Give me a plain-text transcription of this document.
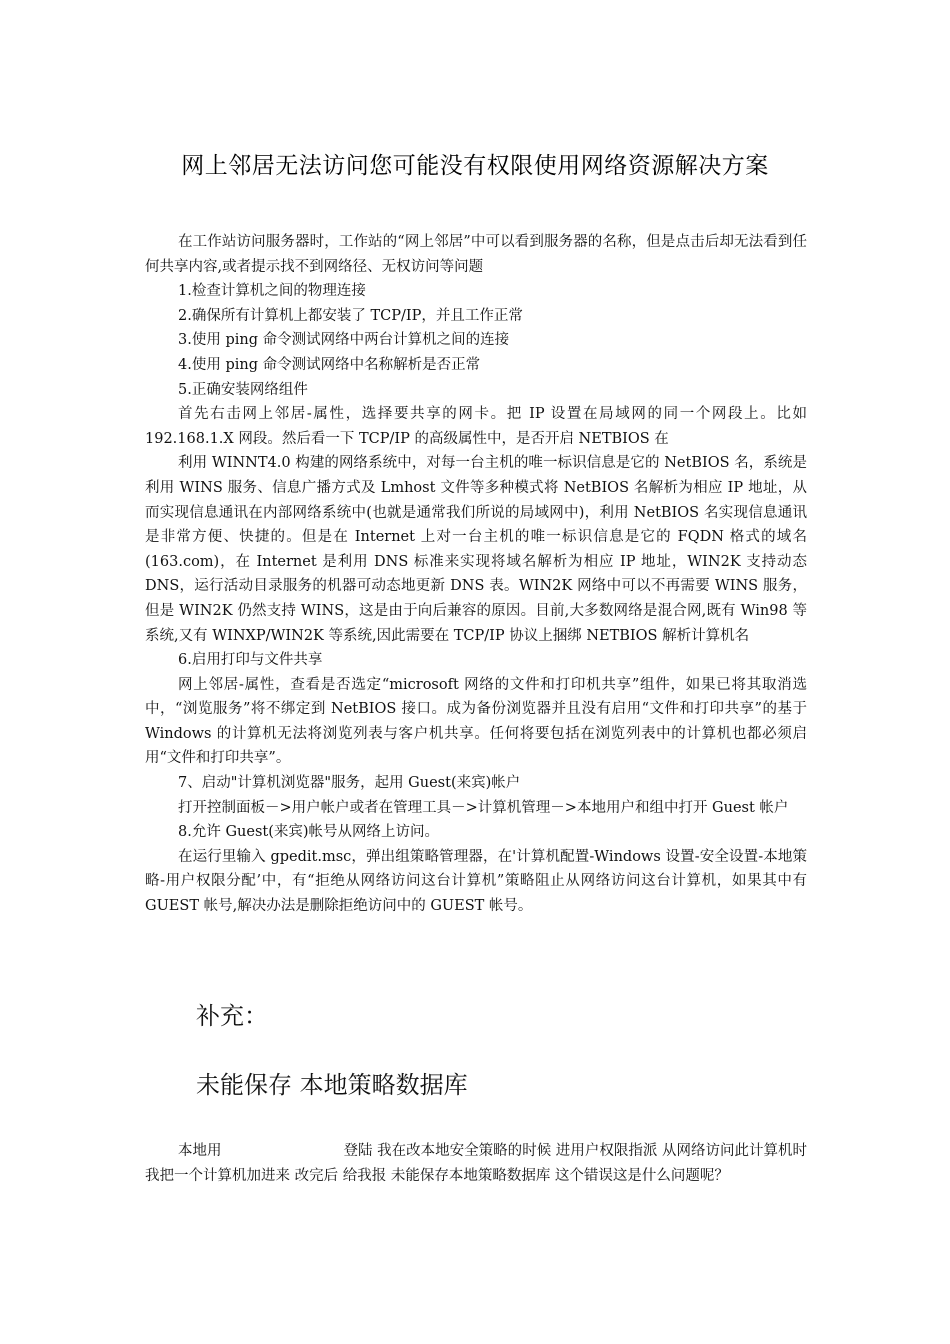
网上邻居无法访问您可能没有权限使用网络资源解决方案

在工作站访问服务器时，工作站的“网上邻居”中可以看到服务器的名称，但是点击后却无法看到任何共享内容,或者提示找不到网络径、无权访问等问题

1.检查计算机之间的物理连接

2.确保所有计算机上都安装了 TCP/IP，并且工作正常

3.使用 ping 命令测试网络中两台计算机之间的连接

4.使用 ping 命令测试网络中名称解析是否正常

5.正确安装网络组件

首先右击网上邻居-属性，选择要共享的网卡。把 IP 设置在局域网的同一个网段上。比如 192.168.1.X 网段。然后看一下 TCP/IP 的高级属性中，是否开启 NETBIOS 在

利用 WINNT4.0 构建的网络系统中，对每一台主机的唯一标识信息是它的 NetBIOS 名，系统是利用 WINS 服务、信息广播方式及 Lmhost 文件等多种模式将 NetBIOS 名解析为相应 IP 地址，从而实现信息通讯在内部网络系统中(也就是通常我们所说的局域网中)，利用 NetBIOS 名实现信息通讯是非常方便、快捷的。但是在 Internet 上对一台主机的唯一标识信息是它的 FQDN 格式的域名(163.com)，在 Internet 是利用 DNS 标准来实现将域名解析为相应 IP 地址，WIN2K 支持动态 DNS，运行活动目录服务的机器可动态地更新 DNS 表。WIN2K 网络中可以不再需要 WINS 服务，但是 WIN2K 仍然支持 WINS，这是由于向后兼容的原因。目前,大多数网络是混合网,既有 Win98 等系统,又有 WINXP/WIN2K 等系统,因此需要在 TCP/IP 协议上捆绑 NETBIOS 解析计算机名

6.启用打印与文件共享

网上邻居-属性，查看是否选定“microsoft 网络的文件和打印机共享”组件，如果已将其取消选中，“浏览服务”将不绑定到 NetBIOS 接口。成为备份浏览器并且没有启用“文件和打印共享”的基于 Windows 的计算机无法将浏览列表与客户机共享。任何将要包括在浏览列表中的计算机也都必须启用“文件和打印共享”。

7、启动"计算机浏览器"服务，起用 Guest(来宾)帐户

打开控制面板－>用户帐户或者在管理工具－>计算机管理－>本地用户和组中打开 Guest 帐户

8.允许 Guest(来宾)帐号从网络上访问。

在运行里输入 gpedit.msc，弹出组策略管理器，在'计算机配置-Windows 设置-安全设置-本地策略-用户权限分配’中，有“拒绝从网络访问这台计算机”策略阻止从网络访问这台计算机，如果其中有 GUEST 帐号,解决办法是删除拒绝访问中的 GUEST 帐号。

补充：
未能保存 本地策略数据库

本地用	登陆 我在改本地安全策略的时候 进用户权限指派 从网络访问此计算机时 我把一个计算机加进来 改完后 给我报 未能保存本地策略数据库 这个错误这是什么问题呢？
